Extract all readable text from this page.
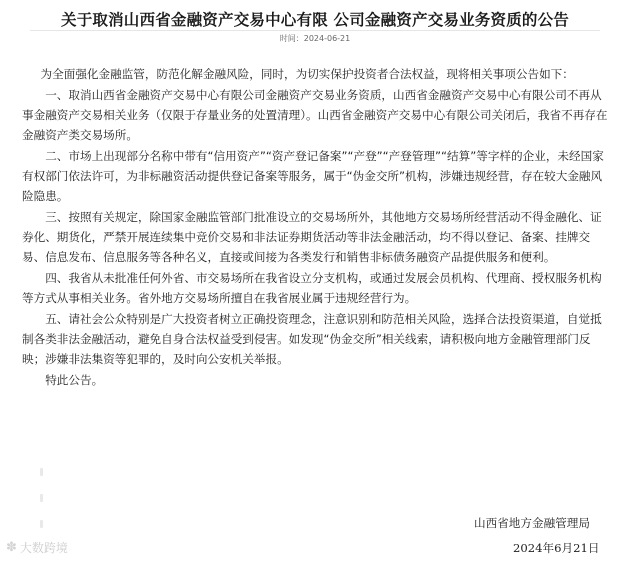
关于取消山西省金融资产交易中心有限 公司金融资产交易业务资质的公告
时间：2024-06-21

为全面强化金融监管，防范化解金融风险，同时，为切实保护投资者合法权益，现将相关事项公告如下：

一、取消山西省金融资产交易中心有限公司金融资产交易业务资质，山西省金融资产交易中心有限公司不再从事金融资产交易相关业务（仅限于存量业务的处置清理）。山西省金融资产交易中心有限公司关闭后，我省不再存在金融资产类交易场所。

二、市场上出现部分名称中带有“信用资产”“资产登记备案”“产登”“产登管理”“结算”等字样的企业，未经国家有权部门依法许可，为非标融资活动提供登记备案等服务，属于“伪金交所”机构，涉嫌违规经营，存在较大金融风险隐患。

三、按照有关规定，除国家金融监管部门批准设立的交易场所外，其他地方交易场所经营活动不得金融化、证券化、期货化，严禁开展连续集中竞价交易和非法证券期货活动等非法金融活动，均不得以登记、备案、挂牌交易、信息发布、信息服务等各种名义，直接或间接为各类发行和销售非标债务融资产品提供服务和便利。

四、我省从未批准任何外省、市交易场所在我省设立分支机构，或通过发展会员机构、代理商、授权服务机构等方式从事相关业务。省外地方交易场所擅自在我省展业属于违规经营行为。

五、请社会公众特别是广大投资者树立正确投资理念，注意识别和防范相关风险，选择合法投资渠道，自觉抵制各类非法金融活动，避免自身合法权益受到侵害。如发现“伪金交所”相关线索，请积极向地方金融管理部门反映；涉嫌非法集资等犯罪的，及时向公安机关举报。

特此公告。

山西省地方金融管理局
2024年6月21日
✽ 大数跨境
